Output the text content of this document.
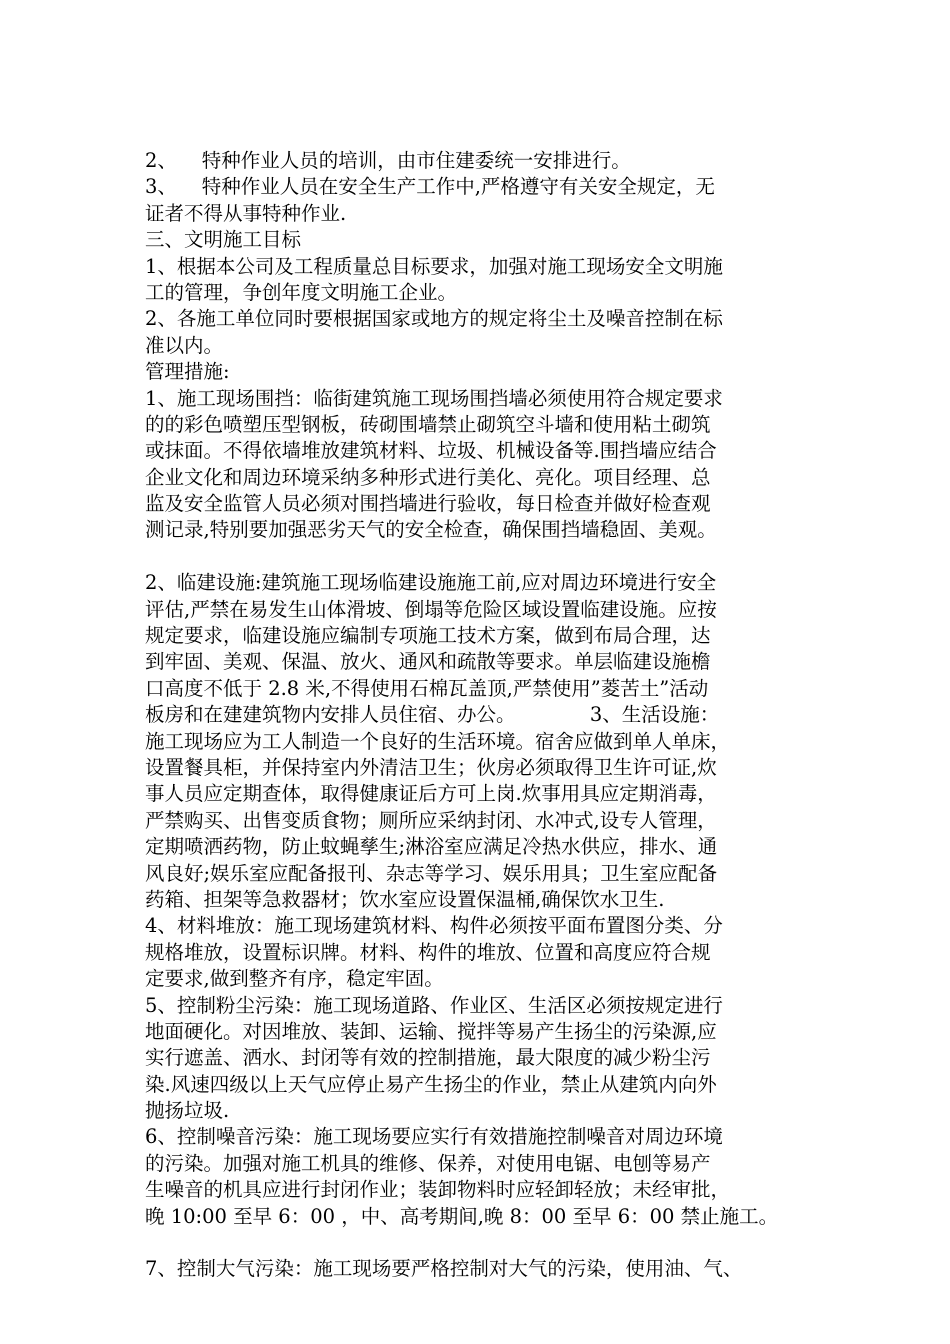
2、    特种作业人员的培训，由市住建委统一安排进行。
3、    特种作业人员在安全生产工作中,严格遵守有关安全规定，无
证者不得从事特种作业.
三、文明施工目标
1、根据本公司及工程质量总目标要求，加强对施工现场安全文明施
工的管理，争创年度文明施工企业。
2、各施工单位同时要根据国家或地方的规定将尘土及噪音控制在标
准以内。
管理措施:
1、施工现场围挡：临街建筑施工现场围挡墙必须使用符合规定要求
的的彩色喷塑压型钢板，砖砌围墙禁止砌筑空斗墙和使用粘土砌筑
或抹面。不得依墙堆放建筑材料、垃圾、机械设备等.围挡墙应结合
企业文化和周边环境采纳多种形式进行美化、亮化。项目经理、总
监及安全监管人员必须对围挡墙进行验收，每日检查并做好检查观
测记录,特别要加强恶劣天气的安全检查，确保围挡墙稳固、美观。
2、临建设施:建筑施工现场临建设施施工前,应对周边环境进行安全
评估,严禁在易发生山体滑坡、倒塌等危险区域设置临建设施。应按
规定要求，临建设施应编制专项施工技术方案，做到布局合理，达
到牢固、美观、保温、放火、通风和疏散等要求。单层临建设施檐
口高度不低于 2.8 米,不得使用石棉瓦盖顶,严禁使用”菱苦土”活动
板房和在建建筑物内安排人员住宿、办公。            3、生活设施：
施工现场应为工人制造一个良好的生活环境。宿舍应做到单人单床，
设置餐具柜，并保持室内外清洁卫生；伙房必须取得卫生许可证,炊
事人员应定期查体，取得健康证后方可上岗.炊事用具应定期消毒，
严禁购买、出售变质食物；厕所应采纳封闭、水冲式,设专人管理，
定期喷洒药物，防止蚊蝇孳生;淋浴室应满足冷热水供应，排水、通
风良好;娱乐室应配备报刊、杂志等学习、娱乐用具；卫生室应配备
药箱、担架等急救器材；饮水室应设置保温桶,确保饮水卫生.
4、材料堆放：施工现场建筑材料、构件必须按平面布置图分类、分
规格堆放，设置标识牌。材料、构件的堆放、位置和高度应符合规
定要求,做到整齐有序，稳定牢固。
5、控制粉尘污染：施工现场道路、作业区、生活区必须按规定进行
地面硬化。对因堆放、装卸、运输、搅拌等易产生扬尘的污染源,应
实行遮盖、洒水、封闭等有效的控制措施，最大限度的减少粉尘污
染.风速四级以上天气应停止易产生扬尘的作业，禁止从建筑内向外
抛扬垃圾.
6、控制噪音污染：施工现场要应实行有效措施控制噪音对周边环境
的污染。加强对施工机具的维修、保养，对使用电锯、电刨等易产
生噪音的机具应进行封闭作业；装卸物料时应轻卸轻放；未经审批，
晚 10:00 至早 6：00 ，中、高考期间,晚 8：00 至早 6：00 禁止施工。
7、控制大气污染：施工现场要严格控制对大气的污染，使用油、气、
